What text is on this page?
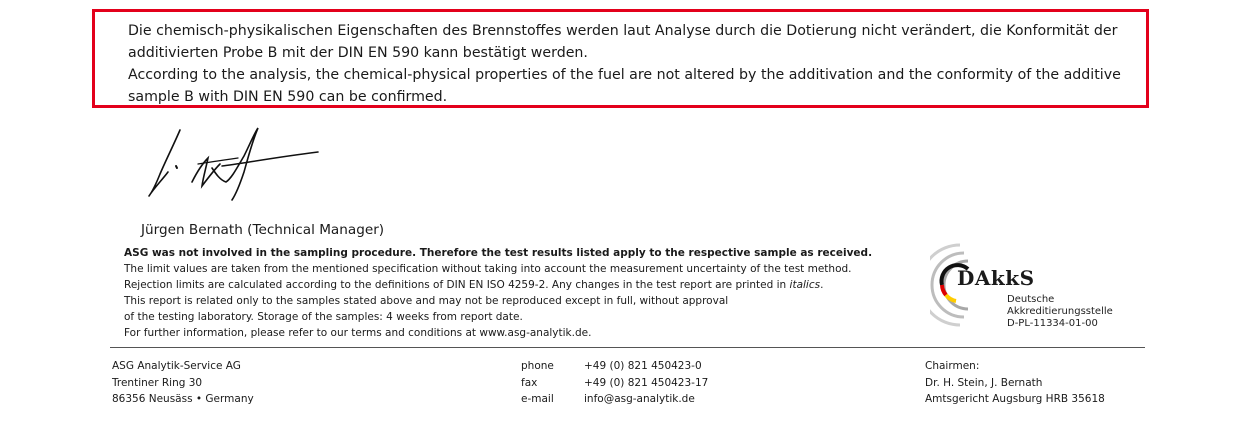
Die chemisch-physikalischen Eigenschaften des Brennstoffes werden laut Analyse durch die Dotierung nicht verändert, die Konformität der additivierten Probe B mit der DIN EN 590 kann bestätigt werden.

According to the analysis, the chemical-physical properties of the fuel are not altered by the additivation and the conformity of the additive sample B with DIN EN 590 can be confirmed.

Jürgen Bernath (Technical Manager)
ASG was not involved in the sampling procedure. Therefore the test results listed apply to the respective sample as received.
The limit values are taken from the mentioned specification without taking into account the measurement uncertainty of the test method.
Rejection limits are calculated according to the definitions of DIN EN ISO 4259-2. Any changes in the test report are printed in italics.
This report is related only to the samples stated above and may not be reproduced except in full, without approval
of the testing laboratory. Storage of the samples: 4 weeks from report date.
For further information, please refer to our terms and conditions at www.asg-analytik.de.
DAkkS
Deutsche
Akkreditierungsstelle
D-PL-11334-01-00
ASG Analytik-Service AG
Trentiner Ring 30
86356 Neusäss • Germany
phone
fax
e-mail
+49 (0) 821 450423-0
+49 (0) 821 450423-17
info@asg-analytik.de
Chairmen:
Dr. H. Stein, J. Bernath
Amtsgericht Augsburg HRB 35618
